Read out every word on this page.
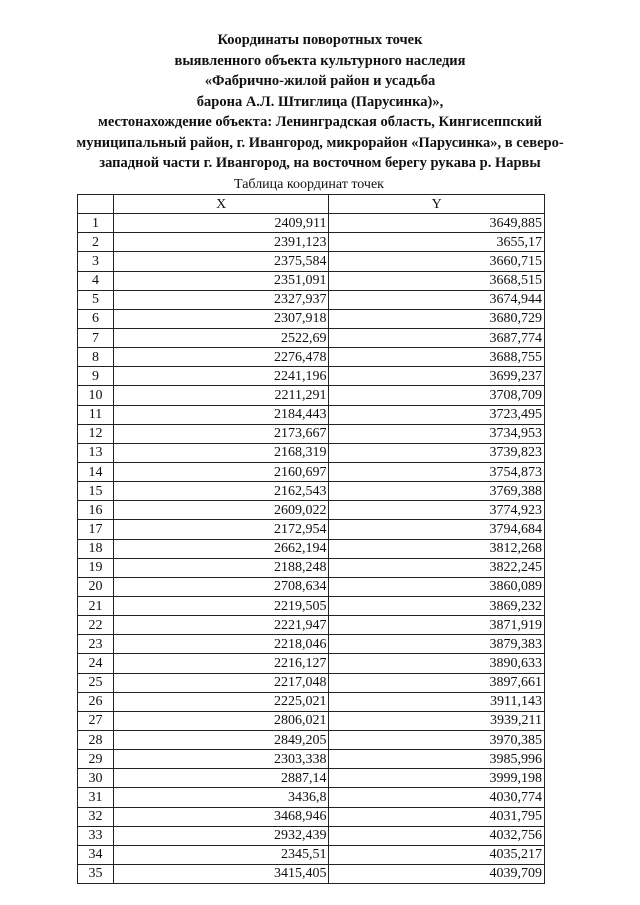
Координаты поворотных точек
выявленного объекта культурного наследия
«Фабрично-жилой район и усадьба
барона А.Л. Штиглица (Парусинка)»,
местонахождение объекта: Ленинградская область, Кингисеппский
муниципальный район, г. Ивангород, микрорайон «Парусинка», в северо-
западной части г. Ивангород, на восточном берегу рукава р. Нарвы
Таблица координат точек
	X	Y
1	2409,911	3649,885
2	2391,123	3655,17
3	2375,584	3660,715
4	2351,091	3668,515
5	2327,937	3674,944
6	2307,918	3680,729
7	2522,69	3687,774
8	2276,478	3688,755
9	2241,196	3699,237
10	2211,291	3708,709
11	2184,443	3723,495
12	2173,667	3734,953
13	2168,319	3739,823
14	2160,697	3754,873
15	2162,543	3769,388
16	2609,022	3774,923
17	2172,954	3794,684
18	2662,194	3812,268
19	2188,248	3822,245
20	2708,634	3860,089
21	2219,505	3869,232
22	2221,947	3871,919
23	2218,046	3879,383
24	2216,127	3890,633
25	2217,048	3897,661
26	2225,021	3911,143
27	2806,021	3939,211
28	2849,205	3970,385
29	2303,338	3985,996
30	2887,14	3999,198
31	3436,8	4030,774
32	3468,946	4031,795
33	2932,439	4032,756
34	2345,51	4035,217
35	3415,405	4039,709
